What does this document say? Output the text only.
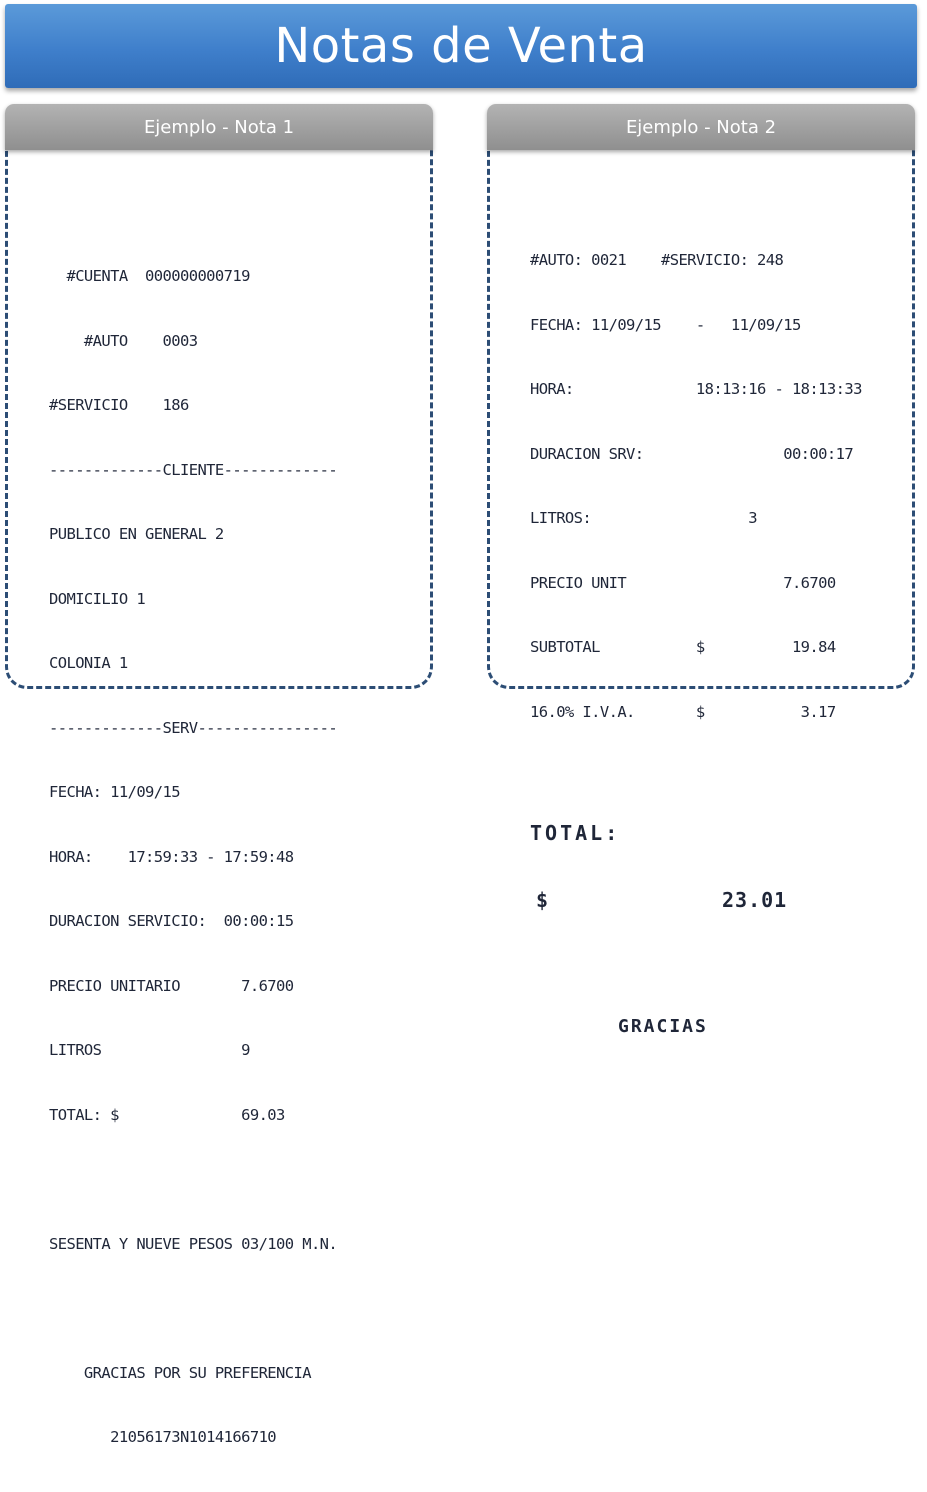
Notas de Venta
Ejemplo - Nota 1

#CUENTA  000000000719

#AUTO    0003

#SERVICIO    186

-------------CLIENTE-------------

PUBLICO EN GENERAL 2

DOMICILIO 1

COLONIA 1

-------------SERV----------------

FECHA: 11/09/15

HORA:    17:59:33 - 17:59:48

DURACION SERVICIO:  00:00:15

PRECIO UNITARIO       7.6700

LITROS                9

TOTAL: $              69.03

SESENTA Y NUEVE PESOS 03/100 M.N.

GRACIAS POR SU PREFERENCIA

21056173N1014166710

Ejemplo - Nota 2

#AUTO: 0021    #SERVICIO: 248

FECHA: 11/09/15    -   11/09/15

HORA:              18:13:16 - 18:13:33

DURACION SRV:                00:00:17

LITROS:                  3

PRECIO UNIT                  7.6700

SUBTOTAL           $          19.84

16.0% I.V.A.       $           3.17

TOTAL:

$	23.01

GRACIAS
